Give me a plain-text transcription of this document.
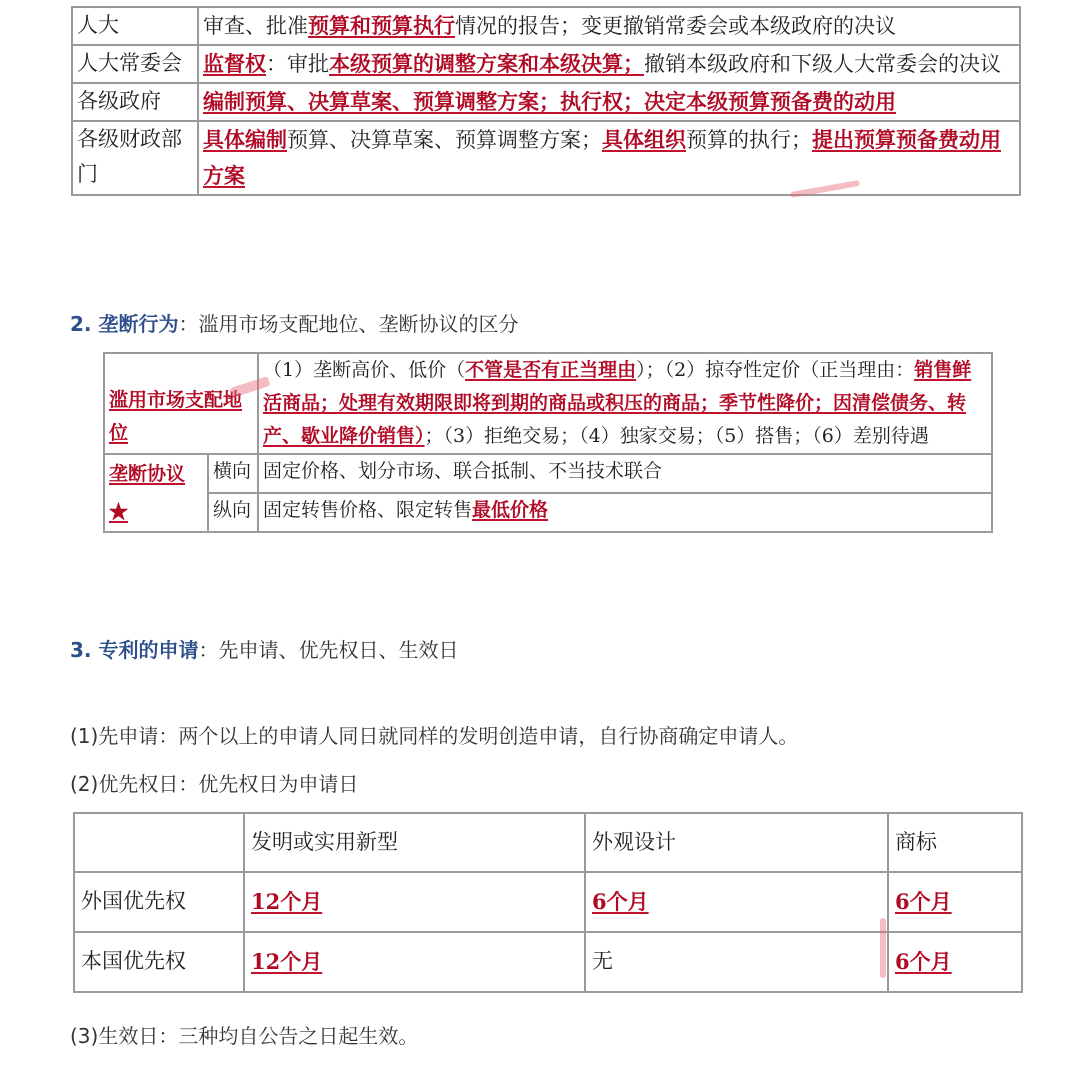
人大	审查、批准预算和预算执行情况的报告；变更撤销常委会或本级政府的决议
人大常委会	监督权：审批本级预算的调整方案和本级决算；撤销本级政府和下级人大常委会的决议
各级政府	编制预算、决算草案、预算调整方案；执行权；决定本级预算预备费的动用
各级财政部门	具体编制预算、决算草案、预算调整方案；具体组织预算的执行；提出预算预备费动用方案
2. 垄断行为：滥用市场支配地位、垄断协议的区分
滥用市场支配地位		（1）垄断高价、低价（不管是否有正当理由）；（2）掠夺性定价（正当理由：销售鲜活商品；处理有效期限即将到期的商品或积压的商品；季节性降价；因清偿债务、转产、歇业降价销售）；（3）拒绝交易；（4）独家交易；（5）搭售；（6）差别待遇
垄断协议★	横向	固定价格、划分市场、联合抵制、不当技术联合
	纵向	固定转售价格、限定转售最低价格
3. 专利的申请：先申请、优先权日、生效日
(1)先申请：两个以上的申请人同日就同样的发明创造申请，自行协商确定申请人。
(2)优先权日：优先权日为申请日
	发明或实用新型	外观设计	商标
外国优先权	12个月	6个月	6个月
本国优先权	12个月	无	6个月
(3)生效日：三种均自公告之日起生效。
